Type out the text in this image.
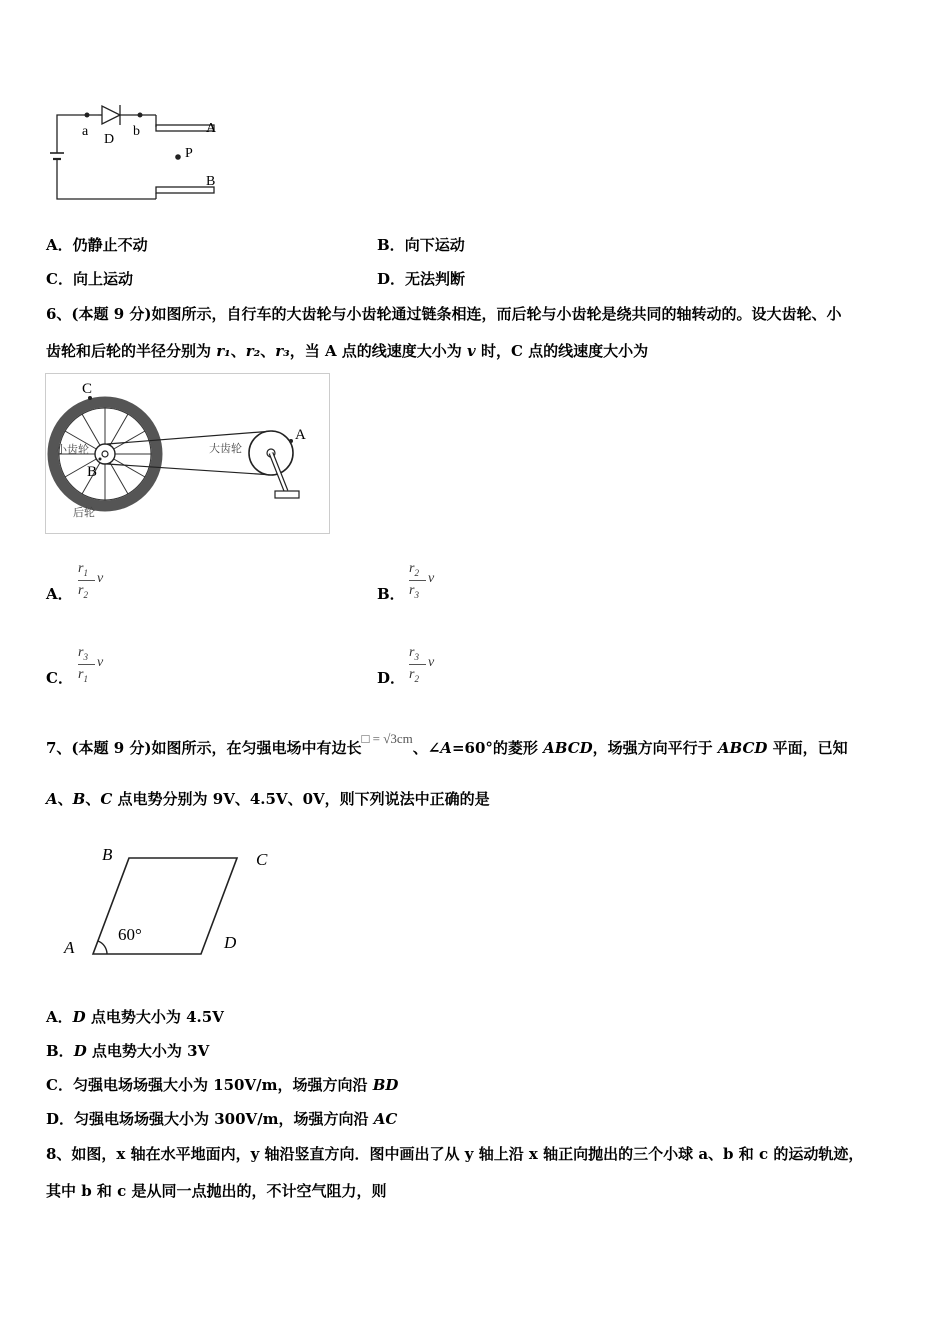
a
D
b	A
P
B
A．仍静止不动	B．向下运动
C．向上运动	D．无法判断
6、(本题 9 分)如图所示，自行车的大齿轮与小齿轮通过链条相连，而后轮与小齿轮是绕共同的轴转动的。设大齿轮、小
齿轮和后轮的半径分别为 r₁、r₂、r₃，当 A 点的线速度大小为 v 时，C 点的线速度大小为
C
小齿轮
B
后轮
大齿轮
A
A．
$r_1$
$r_2$
v
B．
$r_2$
$r_3$
v
C．
$r_3$
$r_1$
v
D．
$r_3$
$r_2$
v
7、(本题 9 分)如图所示，在匀强电场中有边长□ = √3cm、∠A=60°的菱形 ABCD，场强方向平行于 ABCD 平面，已知
A、B、C 点电势分别为 9V、4.5V、0V，则下列说法中正确的是
B	C
A	D
60°
A．D 点电势大小为 4.5V
B．D 点电势大小为 3V
C．匀强电场场强大小为 150V/m，场强方向沿 BD
D．匀强电场场强大小为 300V/m，场强方向沿 AC
8、如图，x 轴在水平地面内，y 轴沿竖直方向．图中画出了从 y 轴上沿 x 轴正向抛出的三个小球 a、b 和 c 的运动轨迹，
其中 b 和 c 是从同一点抛出的，不计空气阻力，则
